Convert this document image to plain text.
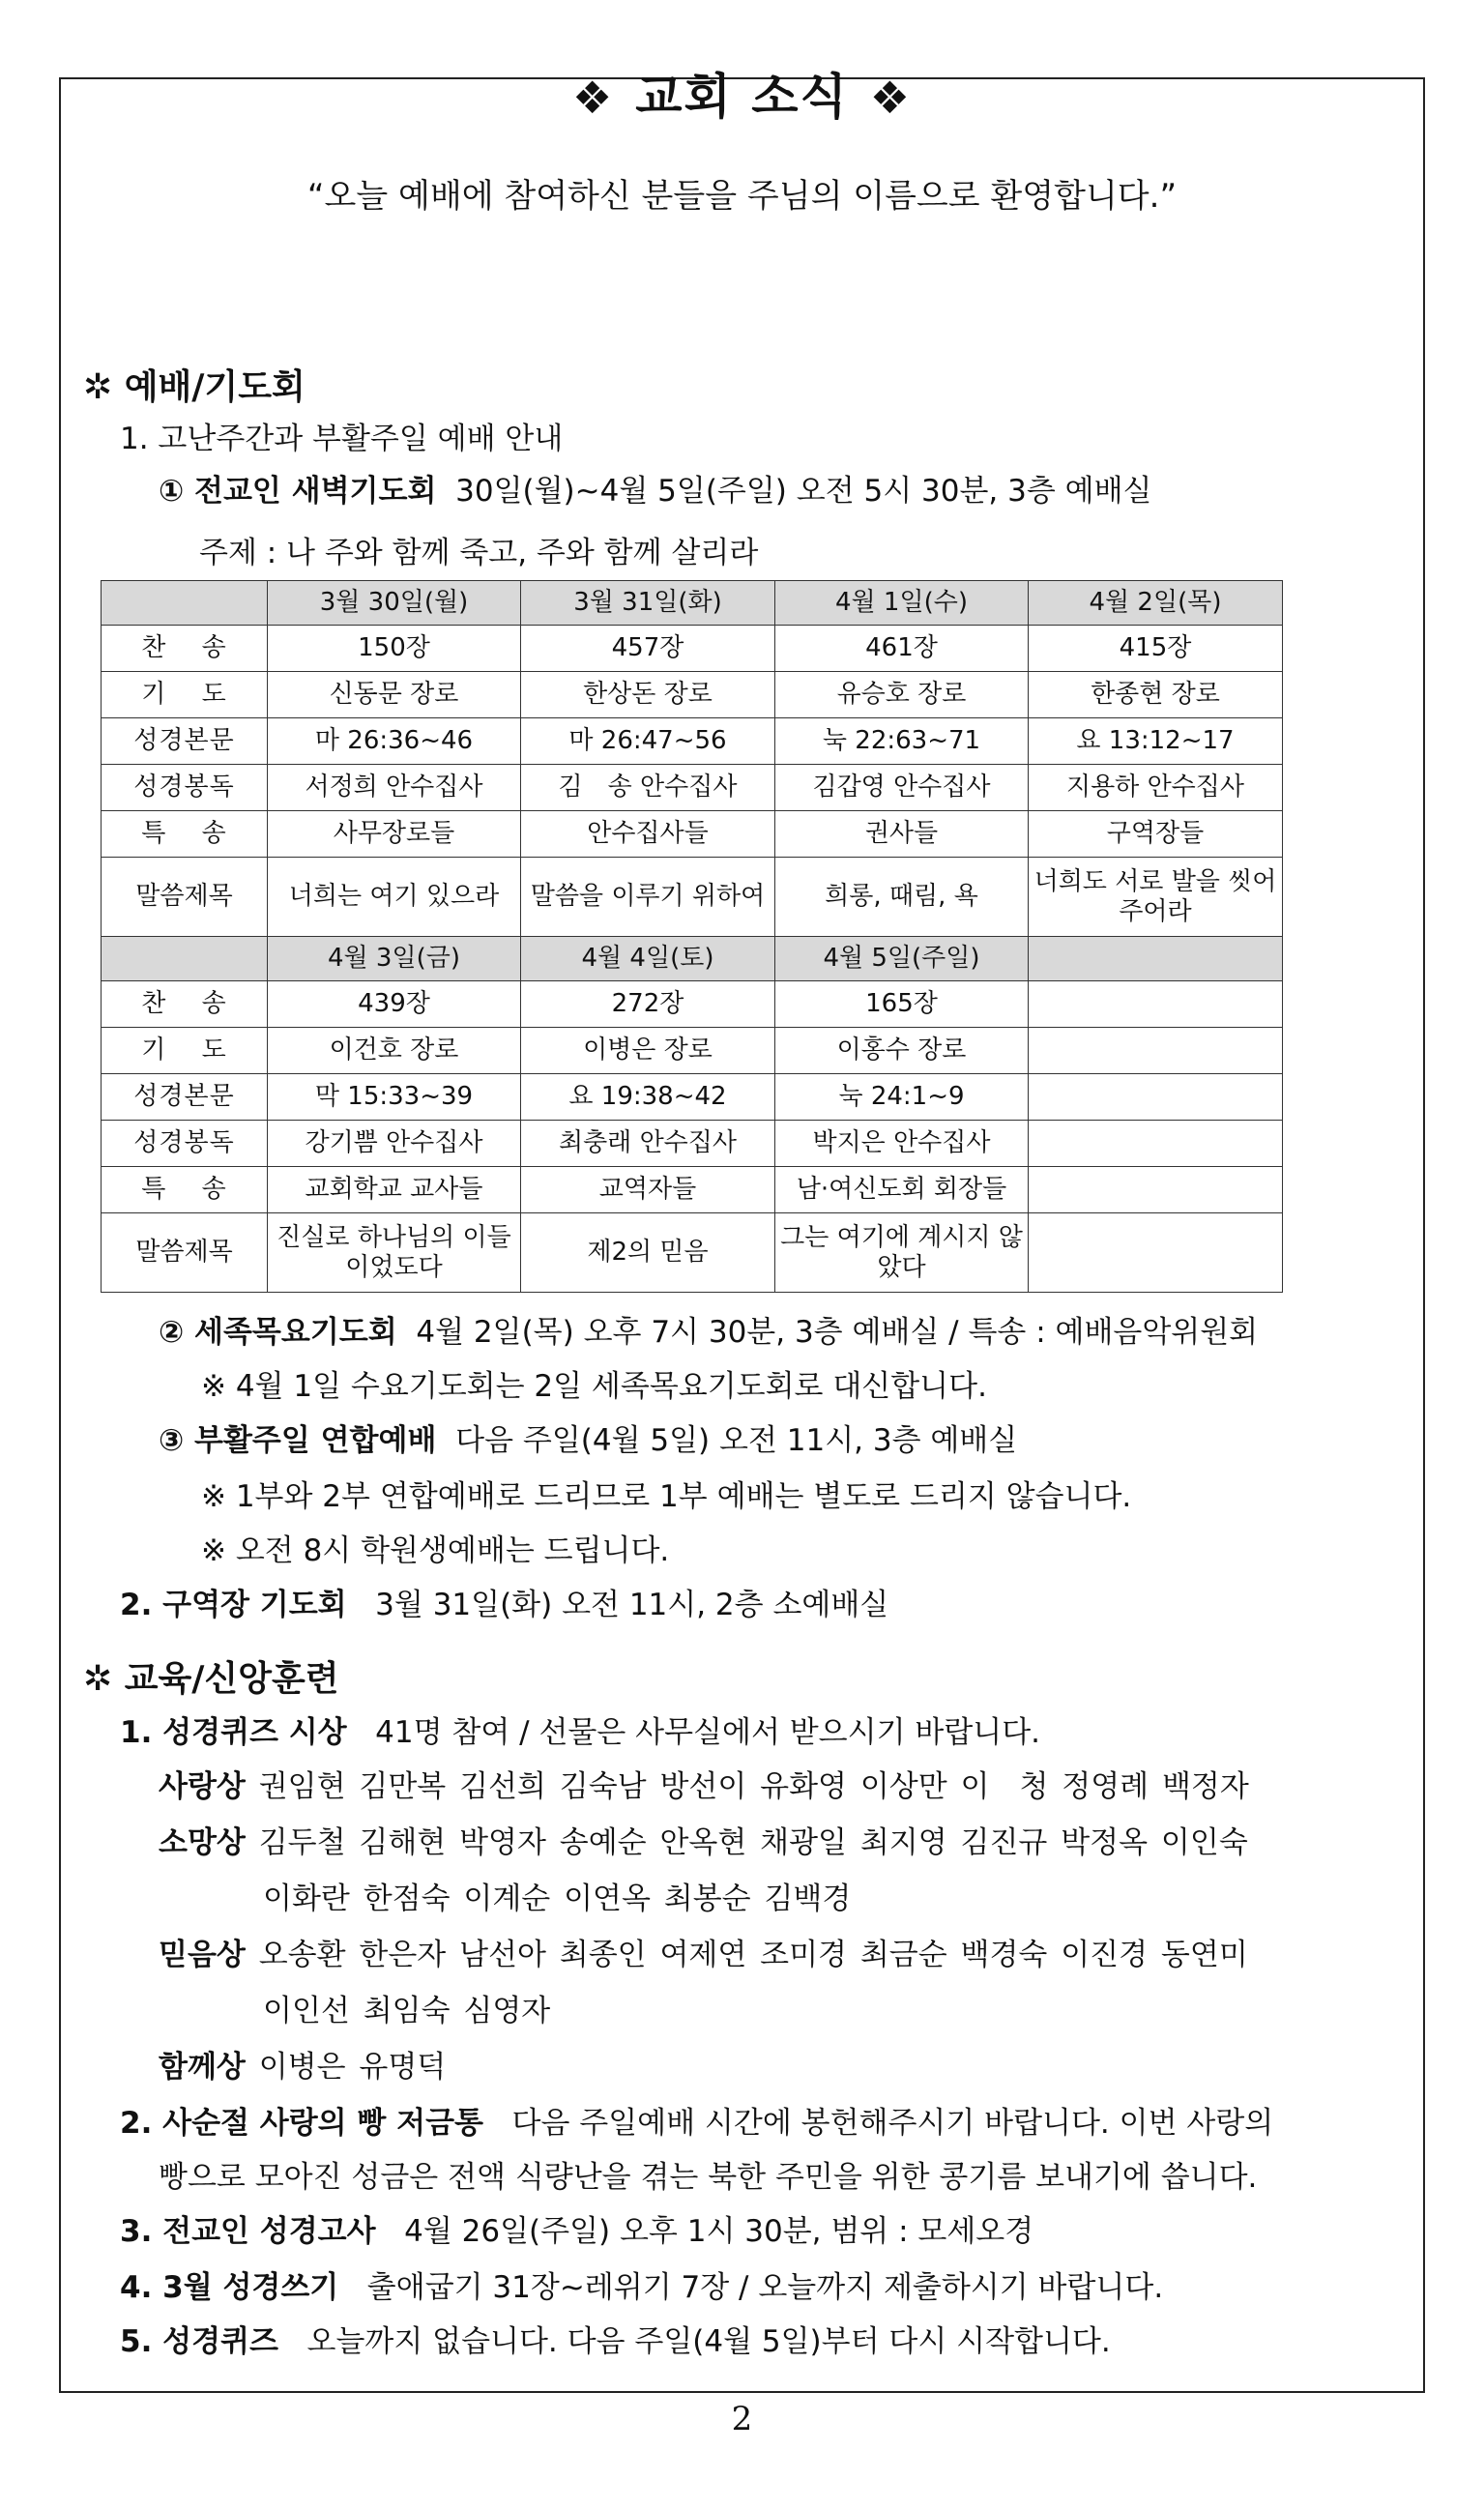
❖ 교회 소식 ❖
“오늘 예배에 참여하신 분들을 주님의 이름으로 환영합니다.”
✲ 예배/기도회
1. 고난주간과 부활주일 예배 안내
① 전교인 새벽기도회 30일(월)~4월 5일(주일) 오전 5시 30분, 3층 예배실
주제 : 나 주와 함께 죽고, 주와 함께 살리라
	3월 30일(월)	3월 31일(화)	4월 1일(수)	4월 2일(목)
찬　 송	150장	457장	461장	415장
기　 도	신동문 장로	한상돈 장로	유승호 장로	한종현 장로
성경본문	마 26:36~46	마 26:47~56	눅 22:63~71	요 13:12~17
성경봉독	서정희 안수집사	김　송 안수집사	김갑영 안수집사	지용하 안수집사
특　 송	사무장로들	안수집사들	권사들	구역장들
말씀제목	너희는 여기 있으라	말씀을 이루기 위하여	희롱, 때림, 욕	너희도 서로 발을 씻어 주어라
	4월 3일(금)	4월 4일(토)	4월 5일(주일)	
찬　 송	439장	272장	165장	
기　 도	이건호 장로	이병은 장로	이홍수 장로	
성경본문	막 15:33~39	요 19:38~42	눅 24:1~9	
성경봉독	강기쁨 안수집사	최충래 안수집사	박지은 안수집사	
특　 송	교회학교 교사들	교역자들	남·여신도회 회장들	
말씀제목	진실로 하나님의 이들이었도다	제2의 믿음	그는 여기에 계시지 않았다	
② 세족목요기도회 4월 2일(목) 오후 7시 30분, 3층 예배실 / 특송 : 예배음악위원회
※ 4월 1일 수요기도회는 2일 세족목요기도회로 대신합니다.
③ 부활주일 연합예배 다음 주일(4월 5일) 오전 11시, 3층 예배실
※ 1부와 2부 연합예배로 드리므로 1부 예배는 별도로 드리지 않습니다.
※ 오전 8시 학원생예배는 드립니다.
2. 구역장 기도회 3월 31일(화) 오전 11시, 2층 소예배실
✲ 교육/신앙훈련
1. 성경퀴즈 시상 41명 참여 / 선물은 사무실에서 받으시기 바랍니다.
사랑상 권임현 김만복 김선희 김숙남 방선이 유화영 이상만 이　청 정영례 백정자
소망상 김두철 김해현 박영자 송예순 안옥현 채광일 최지영 김진규 박정옥 이인숙
이화란 한점숙 이계순 이연옥 최봉순 김백경
믿음상 오송환 한은자 남선아 최종인 여제연 조미경 최금순 백경숙 이진경 동연미
이인선 최임숙 심영자
함께상 이병은 유명덕
2. 사순절 사랑의 빵 저금통 다음 주일예배 시간에 봉헌해주시기 바랍니다. 이번 사랑의
빵으로 모아진 성금은 전액 식량난을 겪는 북한 주민을 위한 콩기름 보내기에 씁니다.
3. 전교인 성경고사 4월 26일(주일) 오후 1시 30분, 범위 : 모세오경
4. 3월 성경쓰기 출애굽기 31장~레위기 7장 / 오늘까지 제출하시기 바랍니다.
5. 성경퀴즈 오늘까지 없습니다. 다음 주일(4월 5일)부터 다시 시작합니다.
2
